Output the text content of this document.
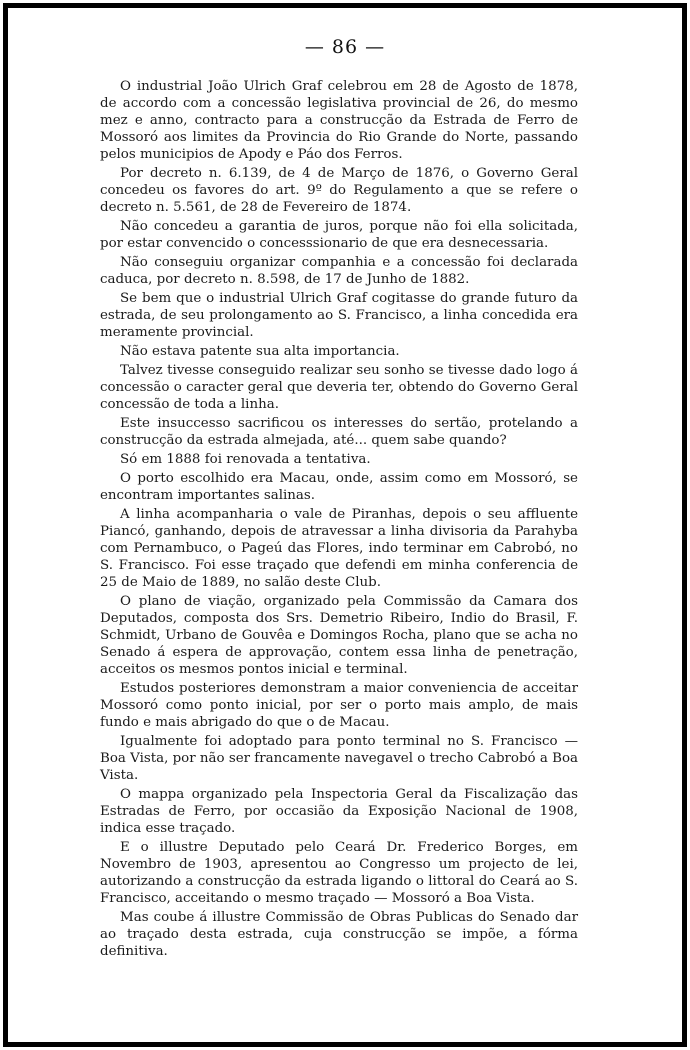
— 86 —

O industrial João Ulrich Graf celebrou em 28 de Agosto de 1878, de accordo com a concessão legislativa provincial de 26, do mesmo mez e anno, contracto para a construcção da Estrada de Ferro de Mossoró aos limites da Provincia do Rio Grande do Norte, passando pelos municipios de Apody e Páo dos Ferros.

Por decreto n. 6.139, de 4 de Março de 1876, o Governo Geral concedeu os favores do art. 9º do Regulamento a que se refere o decreto n. 5.561, de 28 de Fevereiro de 1874.

Não concedeu a garantia de juros, porque não foi ella solicitada, por estar convencido o concesssionario de que era desnecessaria.

Não conseguiu organizar companhia e a concessão foi declarada caduca, por decreto n. 8.598, de 17 de Junho de 1882.

Se bem que o industrial Ulrich Graf cogitasse do grande futuro da estrada, de seu prolongamento ao S. Francisco, a linha concedida era meramente provincial.

Não estava patente sua alta importancia.

Talvez tivesse conseguido realizar seu sonho se tivesse dado logo á concessão o caracter geral que deveria ter, obtendo do Governo Geral concessão de toda a linha.

Este insuccesso sacrificou os interesses do sertão, protelando a construcção da estrada almejada, até... quem sabe quando?

Só em 1888 foi renovada a tentativa.

O porto escolhido era Macau, onde, assim como em Mossoró, se encontram importantes salinas.

A linha acompanharia o vale de Piranhas, depois o seu affluente Piancó, ganhando, depois de atravessar a linha divisoria da Parahyba com Pernambuco, o Pageú das Flores, indo terminar em Cabrobó, no S. Francisco. Foi esse traçado que defendi em minha conferencia de 25 de Maio de 1889, no salão deste Club.

O plano de viação, organizado pela Commissão da Camara dos Deputados, composta dos Srs. Demetrio Ribeiro, Indio do Brasil, F. Schmidt, Urbano de Gouvêa e Domingos Rocha, plano que se acha no Senado á espera de approvação, contem essa linha de penetração, acceitos os mesmos pontos inicial e terminal.

Estudos posteriores demonstram a maior conveniencia de acceitar Mossoró como ponto inicial, por ser o porto mais amplo, de mais fundo e mais abrigado do que o de Macau.

Igualmente foi adoptado para ponto terminal no S. Francisco — Boa Vista, por não ser francamente navegavel o trecho Cabrobó a Boa Vista.

O mappa organizado pela Inspectoria Geral da Fiscalização das Estradas de Ferro, por occasião da Exposição Nacional de 1908, indica esse traçado.

E o illustre Deputado pelo Ceará Dr. Frederico Borges, em Novembro de 1903, apresentou ao Congresso um projecto de lei, autorizando a construcção da estrada ligando o littoral do Ceará ao S. Francisco, acceitando o mesmo traçado — Mossoró a Boa Vista.

Mas coube á illustre Commissão de Obras Publicas do Senado dar ao traçado desta estrada, cuja construcção se impõe, a fórma definitiva.
